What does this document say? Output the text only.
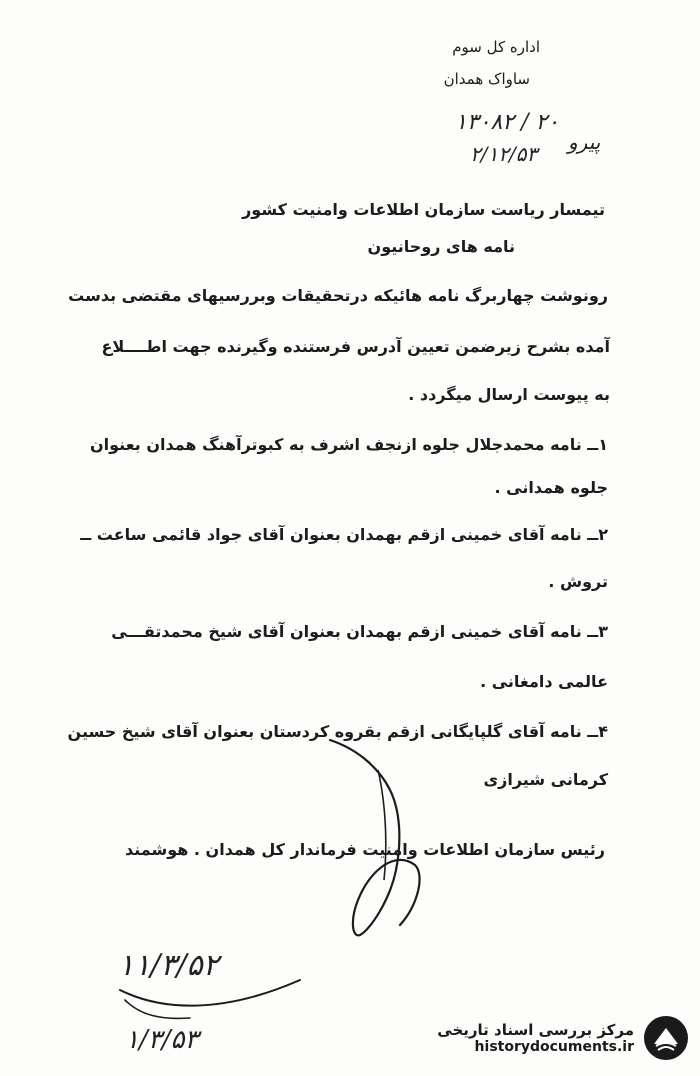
اداره کل سوم
ساواک همدان
۱۳۰۸۲ / ۲۰
پیرو
۲/۱۲/۵۳
تیمسار ریاست سازمان اطلاعات وامنیت کشور
نامه های روحانیون
رونوشت چهاربرگ نامه هائیکه درتحقیقات وبررسیهای مقتضی بدست
آمده بشرح زیرضمن تعیین آدرس فرستنده وگیرنده جهت اطــــلاع
به پیوست ارسال میگردد .
۱ــ نامه محمدجلال جلوه ازنجف اشرف به کبوترآهنگ همدان بعنوان
جلوه همدانی .
۲ــ نامه آقای خمینی ازقم بهمدان بعنوان آقای جواد قائمی ساعت ــ
تروش .
۳ــ نامه آقای خمینی ازقم بهمدان بعنوان آقای شیخ محمدتقـــی
عالمی دامغانی .
۴ــ نامه آقای گلپایگانی ازقم بقروه کردستان بعنوان آقای شیخ حسین
کرمانی شیرازی
رئیس سازمان اطلاعات وامنیت فرماندار کل همدان . هوشمند
۱۱/۳/۵۲
۱/۳/۵۳	مرکز بررسی اسناد تاریخی
historydocuments.ir
